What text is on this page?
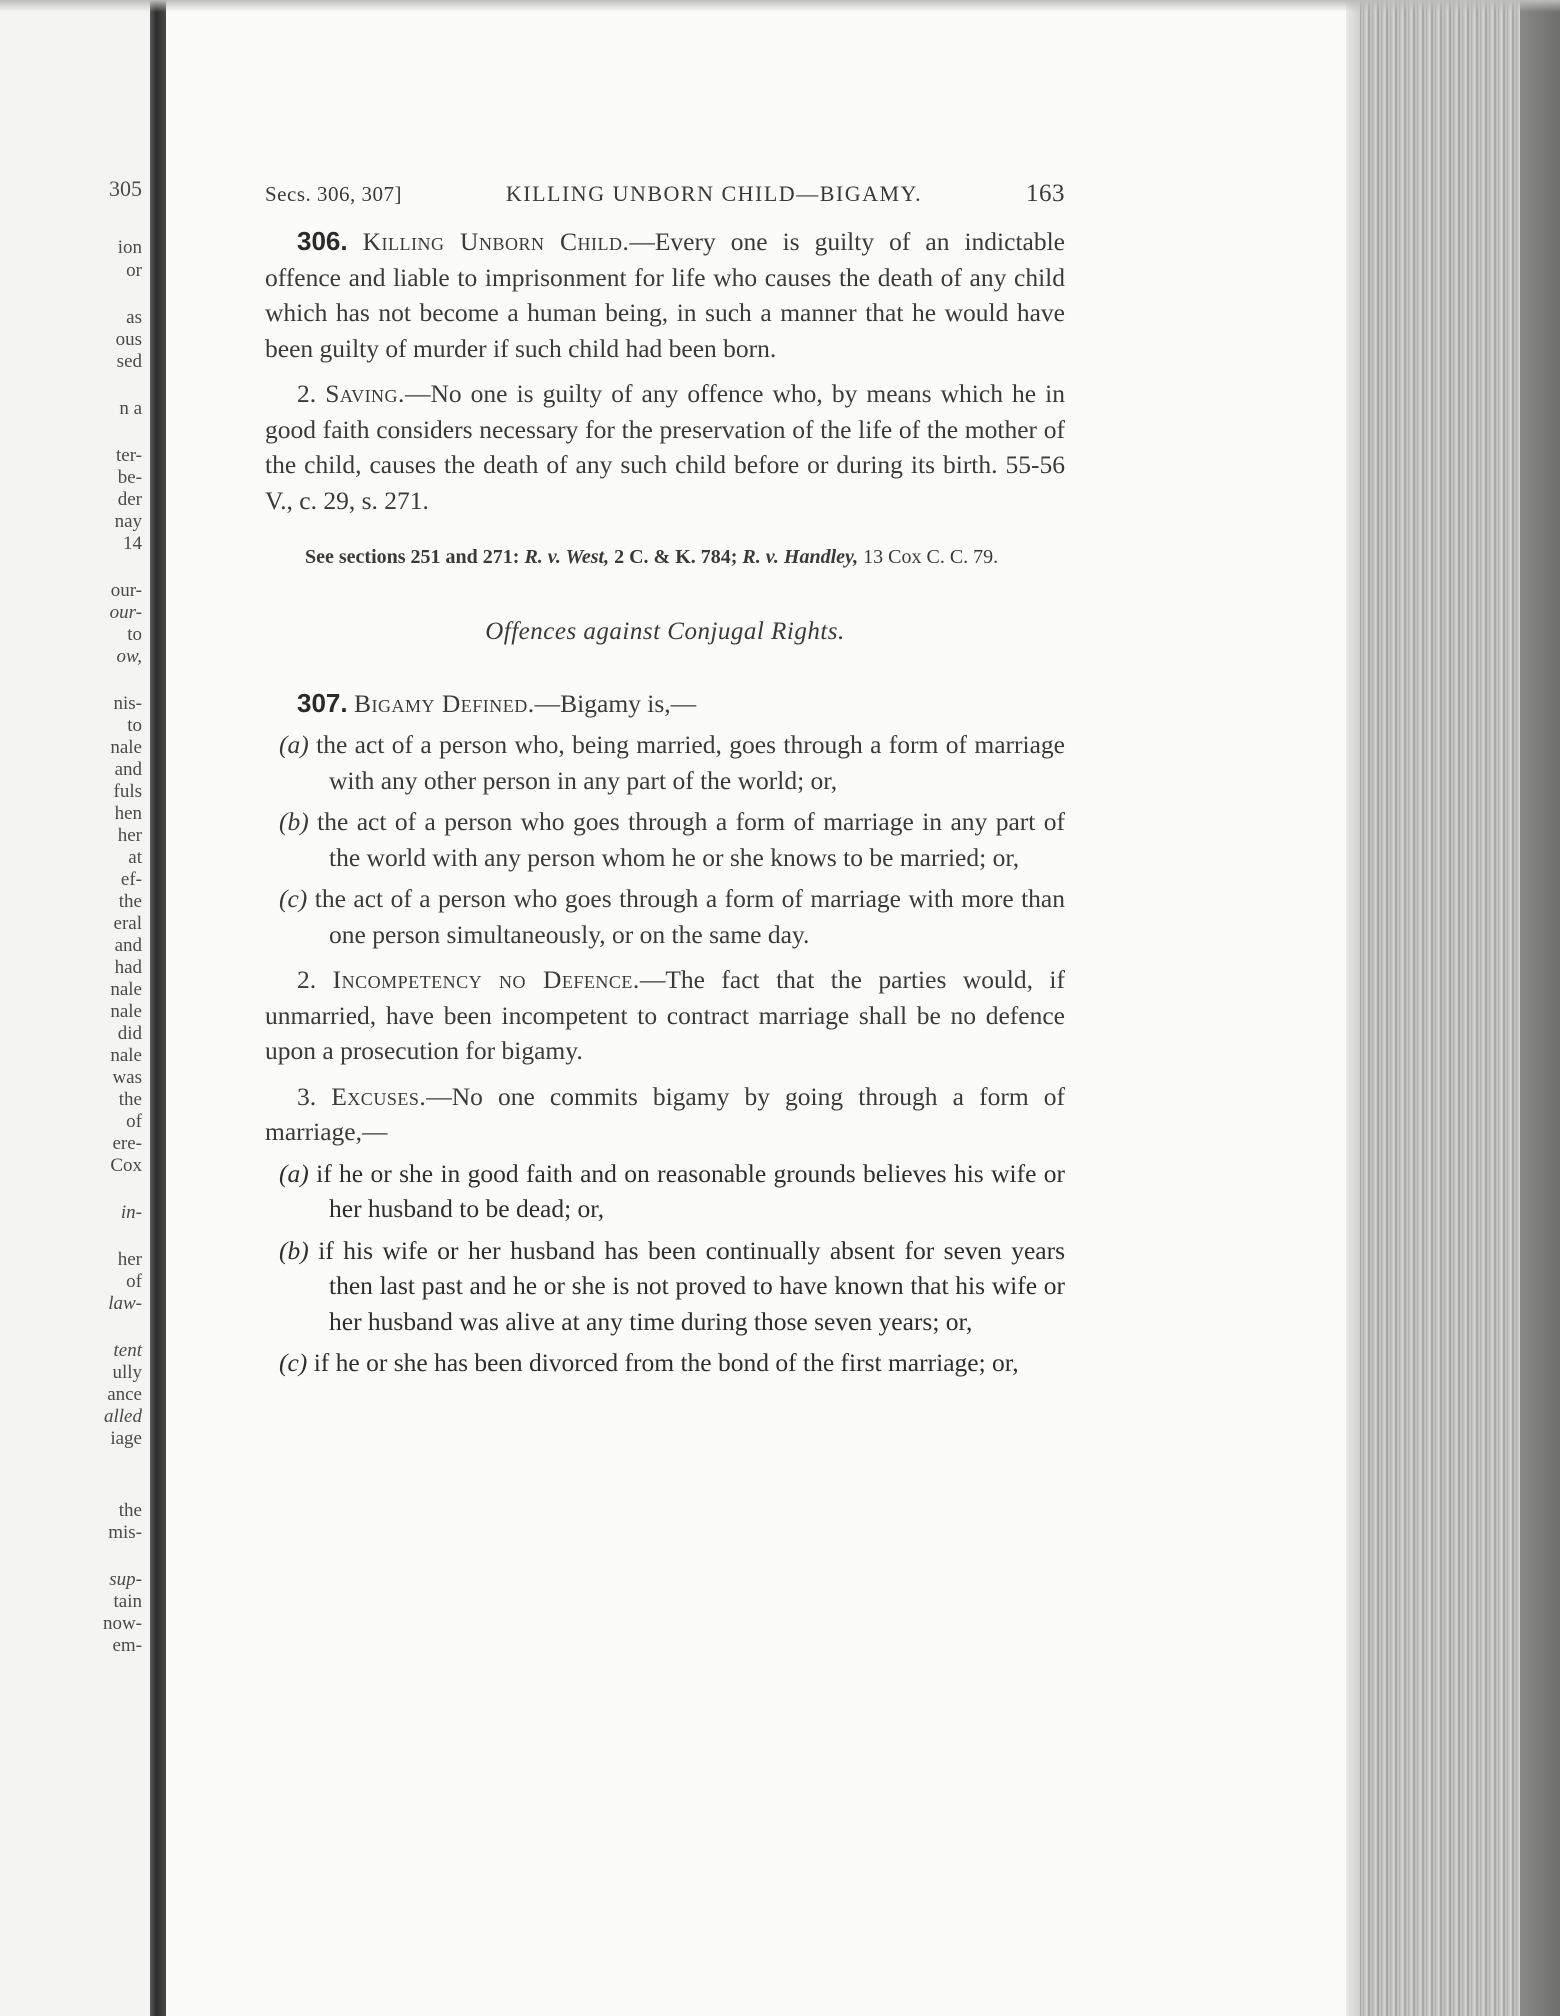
305
ion
or
as
ous
sed
n a
ter-
be-
der
nay
14
our-
our-
to
ow,
nis-
to
nale
and
fuls
hen
her
at
ef-
the
eral
and
had
nale
nale
did
nale
was
the
of
ere-
Cox
in-
her
of
law-
tent
ully
ance
alled
iage
the
mis-
sup-
tain
now-
em-
Secs. 306, 307]	KILLING UNBORN CHILD—BIGAMY.	163

306. Killing Unborn Child.—Every one is guilty of an indictable offence and liable to imprisonment for life who causes the death of any child which has not become a human being, in such a manner that he would have been guilty of murder if such child had been born.

2. Saving.—No one is guilty of any offence who, by means which he in good faith considers necessary for the preservation of the life of the mother of the child, causes the death of any such child before or during its birth. 55-56 V., c. 29, s. 271.

See sections 251 and 271: R. v. West, 2 C. & K. 784; R. v. Handley, 13 Cox C. C. 79.

Offences against Conjugal Rights.

307. Bigamy Defined.—Bigamy is,—

(a) the act of a person who, being married, goes through a form of marriage with any other person in any part of the world; or,

(b) the act of a person who goes through a form of marriage in any part of the world with any person whom he or she knows to be married; or,

(c) the act of a person who goes through a form of marriage with more than one person simultaneously, or on the same day.

2. Incompetency no Defence.—The fact that the parties would, if unmarried, have been incompetent to contract marriage shall be no defence upon a prosecution for bigamy.

3. Excuses.—No one commits bigamy by going through a form of marriage,—

(a) if he or she in good faith and on reasonable grounds believes his wife or her husband to be dead; or,

(b) if his wife or her husband has been continually absent for seven years then last past and he or she is not proved to have known that his wife or her husband was alive at any time during those seven years; or,

(c) if he or she has been divorced from the bond of the first marriage; or,
